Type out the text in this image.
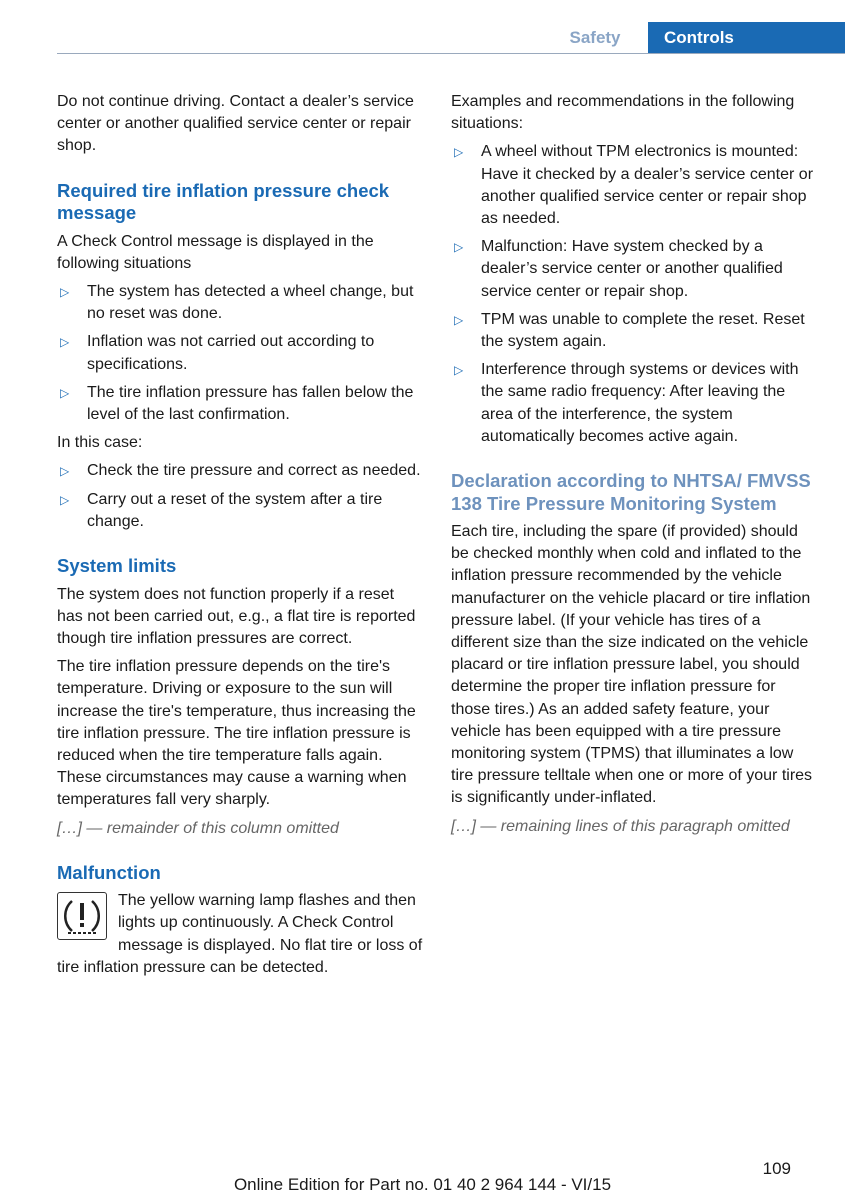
Safety	Controls

Do not continue driving. Contact a dealer’s service center or another qualified service center or repair shop.

Required tire inflation pressure check message

A Check Control message is displayed in the following situations

▷ The system has detected a wheel change, but no reset was done.
▷ Inflation was not carried out according to specifications.
▷ The tire inflation pressure has fallen below the level of the last confirmation.

In this case:

▷ Check the tire pressure and correct as needed.
▷ Carry out a reset of the system after a tire change.
System limits

The system does not function properly if a reset has not been carried out, e.g., a flat tire is reported though tire inflation pressures are correct.

The tire inflation pressure depends on the tire's temperature. Driving or exposure to the sun will increase the tire's temperature, thus increasing the tire inflation pressure. The tire inflation pressure is reduced when the tire temperature falls again. These circumstances may cause a warning when temperatures fall very sharply.

[…] — remainder of this column omitted

Malfunction

The yellow warning lamp flashes and then lights up continuously. A Check Control message is displayed. No flat tire or loss of tire inflation pressure can be detected.

Examples and recommendations in the following situations:

▷ A wheel without TPM electronics is mounted: Have it checked by a dealer’s service center or another qualified service center or repair shop as needed.
▷ Malfunction: Have system checked by a dealer’s service center or another qualified service center or repair shop.
▷ TPM was unable to complete the reset. Reset the system again.
▷ Interference through systems or devices with the same radio frequency: After leaving the area of the interference, the system automatically becomes active again.
Declaration according to NHTSA/ FMVSS 138 Tire Pressure Monitoring System

Each tire, including the spare (if provided) should be checked monthly when cold and inflated to the inflation pressure recommended by the vehicle manufacturer on the vehicle placard or tire inflation pressure label. (If your vehicle has tires of a different size than the size indicated on the vehicle placard or tire inflation pressure label, you should determine the proper tire inflation pressure for those tires.) As an added safety feature, your vehicle has been equipped with a tire pressure monitoring system (TPMS) that illuminates a low tire pressure telltale when one or more of your tires is significantly under-inflated.

[…] — remaining lines of this paragraph omitted

109
Online Edition for Part no. 01 40 2 964 144 - VI/15
